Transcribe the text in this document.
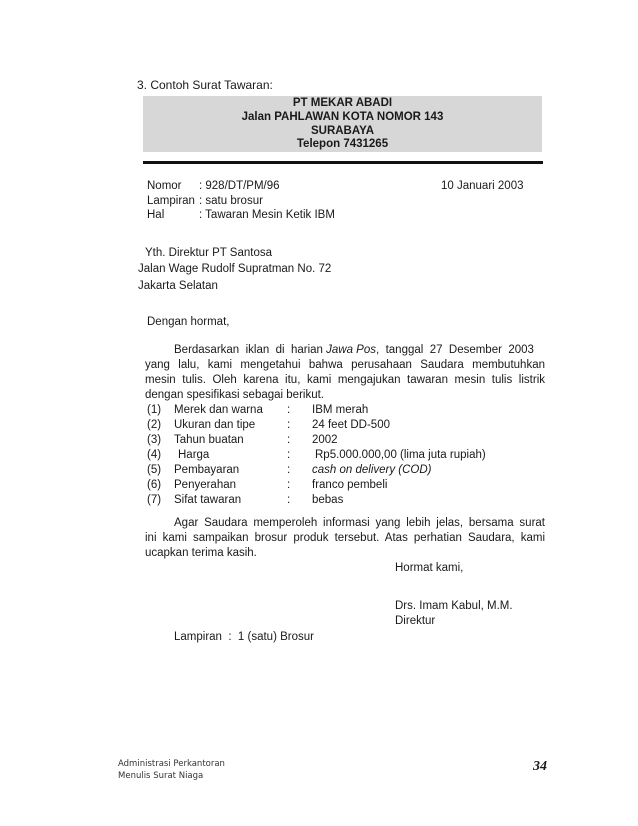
3. Contoh Surat Tawaran:
PT MEKAR ABADI
Jalan PAHLAWAN KOTA NOMOR 143
SURABAYA
Telepon 7431265
Nomor : 928/DT/PM/96	10 Januari 2003
Lampiran : satu brosur
Hal	: Tawaran Mesin Ketik IBM
Yth. Direktur PT Santosa
Jalan Wage Rudolf Supratman No. 72
Jakarta Selatan
Dengan hormat,
Berdasarkan  iklan  di  harian Jawa Pos,  tanggal  27  Desember  2003
yang lalu, kami mengetahui bahwa perusahaan Saudara membutuhkan
mesin tulis. Oleh karena itu, kami mengajukan tawaran mesin tulis listrik
dengan spesifikasi sebagai berikut.
(1) Merek dan warna : IBM merah
(2) Ukuran dan tipe	: 24 feet DD-500
(3) Tahun buatan	: 2002
(4) Harga	: Rp5.000.000,00 (lima juta rupiah)
(5) Pembayaran	: cash on delivery (COD)
(6) Penyerahan	: franco pembeli
(7) Sifat tawaran	: bebas
Agar Saudara memperoleh informasi yang lebih jelas, bersama surat
ini kami sampaikan brosur produk tersebut. Atas perhatian Saudara, kami
ucapkan terima kasih.
Hormat kami,
Drs. Imam Kabul, M.M.
Direktur
Lampiran  :  1 (satu) Brosur
Administrasi Perkantoran
Menulis Surat Niaga
34
